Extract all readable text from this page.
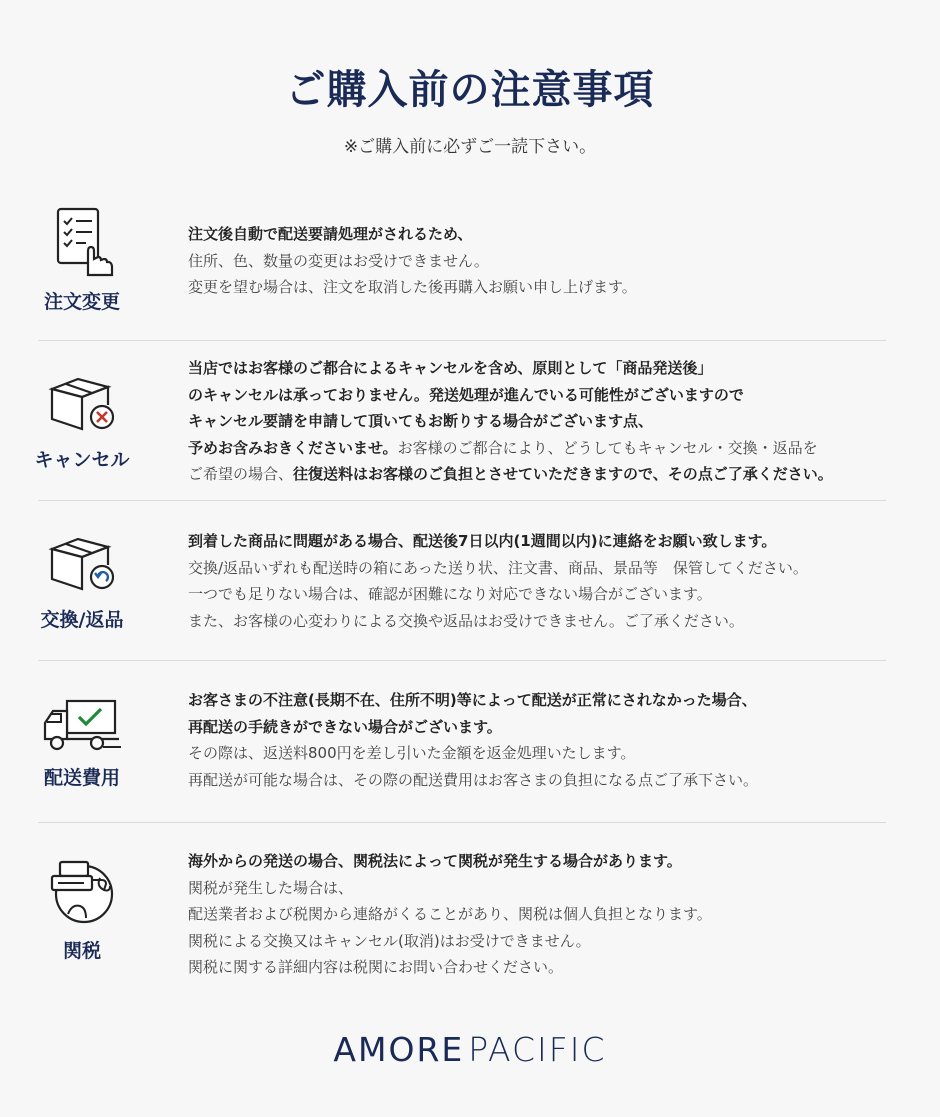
ご購入前の注意事項
※ご購入前に必ずご一読下さい。
注文変更
注文後自動で配送要請処理がされるため、
住所、色、数量の変更はお受けできません。
変更を望む場合は、注文を取消した後再購入お願い申し上げます。
キャンセル
当店ではお客様のご都合によるキャンセルを含め、原則として「商品発送後」
のキャンセルは承っておりません。発送処理が進んでいる可能性がございますので
キャンセル要請を申請して頂いてもお断りする場合がございます点、
予めお含みおきくださいませ。お客様のご都合により、どうしてもキャンセル・交換・返品を
ご希望の場合、往復送料はお客様のご負担とさせていただきますので、その点ご了承ください。
交換/返品
到着した商品に問題がある場合、配送後7日以内(1週間以内)に連絡をお願い致します。
交換/返品いずれも配送時の箱にあった送り状、注文書、商品、景品等　保管してください。
一つでも足りない場合は、確認が困難になり対応できない場合がございます。
また、お客様の心変わりによる交換や返品はお受けできません。ご了承ください。
配送費用
お客さまの不注意(長期不在、住所不明)等によって配送が正常にされなかった場合、
再配送の手続きができない場合がございます。
その際は、返送料800円を差し引いた金額を返金処理いたします。
再配送が可能な場合は、その際の配送費用はお客さまの負担になる点ご了承下さい。
関税
海外からの発送の場合、関税法によって関税が発生する場合があります。
関税が発生した場合は、
配送業者および税関から連絡がくることがあり、関税は個人負担となります。
関税による交換又はキャンセル(取消)はお受けできません。
関税に関する詳細内容は税関にお問い合わせください。
AMORE PACIFIC
